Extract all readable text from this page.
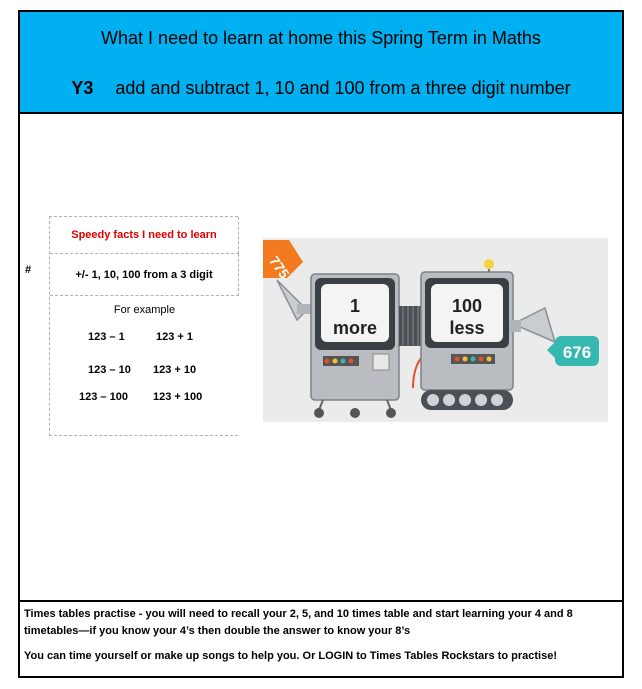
What I need to learn at home this Spring Term in Maths
Y3 add and subtract 1, 10 and 100 from a three digit number
#
Speedy facts I need to learn
+/- 1, 10, 100 from a 3 digit
For example
123 – 1	123 + 1
123 – 10 123 + 10
123 – 100 123 + 100
775
1
more
100
less
676

Times tables practise - you will need to recall your 2, 5, and 10 times table and start learning your 4 and 8 timetables—if you know your 4’s then double the answer to know your 8’s

You can time yourself or make up songs to help you. Or LOGIN to Times Tables Rockstars to practise!
